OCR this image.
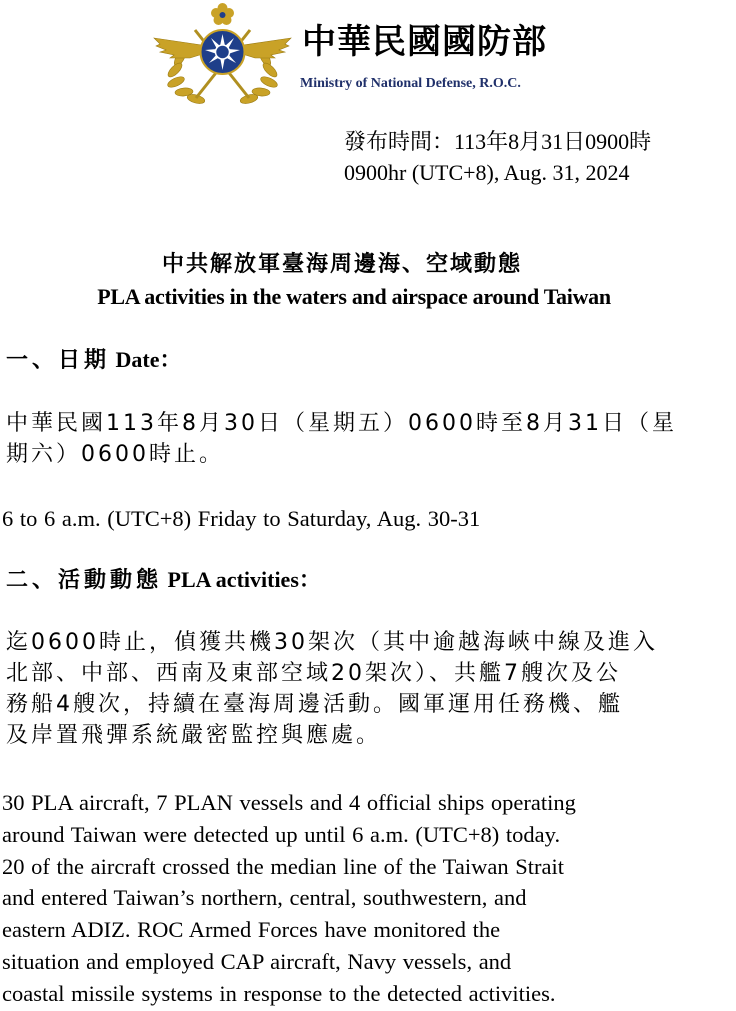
中華民國國防部
Ministry of National Defense, R.O.C.
發布時間：113年8月31日0900時
0900hr (UTC+8), Aug. 31, 2024
中共解放軍臺海周邊海、空域動態
PLA activities in the waters and airspace around Taiwan
一、日期 Date：

中華民國113年8月30日（星期五）0600時至8月31日（星
期六）0600時止。

6 to 6 a.m. (UTC+8) Friday to Saturday, Aug. 30-31

二、活動動態 PLA activities：

迄0600時止，偵獲共機30架次（其中逾越海峽中線及進入
北部、中部、西南及東部空域20架次）、共艦7艘次及公
務船4艘次，持續在臺海周邊活動。國軍運用任務機、艦
及岸置飛彈系統嚴密監控與應處。

30 PLA aircraft, 7 PLAN vessels and 4 official ships operating
around Taiwan were detected up until 6 a.m. (UTC+8) today.
20 of the aircraft crossed the median line of the Taiwan Strait
and entered Taiwan’s northern, central, southwestern, and
eastern ADIZ. ROC Armed Forces have monitored the
situation and employed CAP aircraft, Navy vessels, and
coastal missile systems in response to the detected activities.
